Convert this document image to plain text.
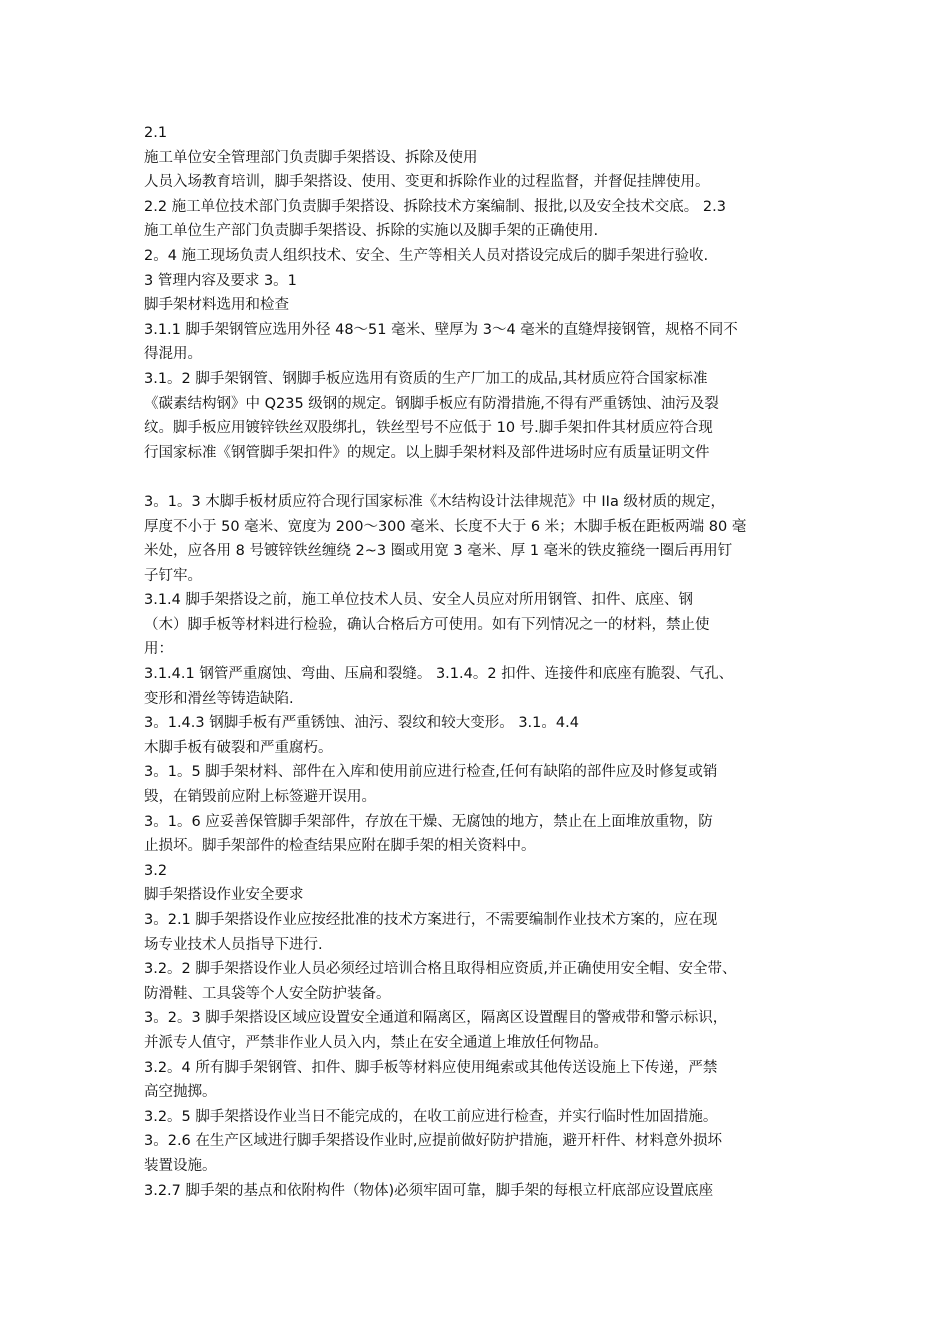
2.1
施工单位安全管理部门负责脚手架搭设、拆除及使用
人员入场教育培训，脚手架搭设、使用、变更和拆除作业的过程监督，并督促挂牌使用。
2.2 施工单位技术部门负责脚手架搭设、拆除技术方案编制、报批,以及安全技术交底。 2.3
施工单位生产部门负责脚手架搭设、拆除的实施以及脚手架的正确使用.
2。4 施工现场负责人组织技术、安全、生产等相关人员对搭设完成后的脚手架进行验收.
3 管理内容及要求 3。1
脚手架材料选用和检查
3.1.1 脚手架钢管应选用外径 48～51 毫米、壁厚为 3～4 毫米的直缝焊接钢管，规格不同不
得混用。
3.1。2 脚手架钢管、钢脚手板应选用有资质的生产厂加工的成品,其材质应符合国家标准
《碳素结构钢》中 Q235 级钢的规定。钢脚手板应有防滑措施,不得有严重锈蚀、油污及裂
纹。脚手板应用镀锌铁丝双股绑扎，铁丝型号不应低于 10 号.脚手架扣件其材质应符合现
行国家标准《钢管脚手架扣件》的规定。以上脚手架材料及部件进场时应有质量证明文件
3。1。3 木脚手板材质应符合现行国家标准《木结构设计法律规范》中 IIa 级材质的规定，
厚度不小于 50 毫米、宽度为 200～300 毫米、长度不大于 6 米；木脚手板在距板两端 80 毫
米处，应各用 8 号镀锌铁丝缠绕 2~3 圈或用宽 3 毫米、厚 1 毫米的铁皮箍绕一圈后再用钉
子钉牢。
3.1.4 脚手架搭设之前，施工单位技术人员、安全人员应对所用钢管、扣件、底座、钢
（木）脚手板等材料进行检验，确认合格后方可使用。如有下列情况之一的材料，禁止使
用：
3.1.4.1 钢管严重腐蚀、弯曲、压扁和裂缝。 3.1.4。2 扣件、连接件和底座有脆裂、气孔、
变形和滑丝等铸造缺陷.
3。1.4.3 钢脚手板有严重锈蚀、油污、裂纹和较大变形。 3.1。4.4
木脚手板有破裂和严重腐朽。
3。1。5 脚手架材料、部件在入库和使用前应进行检查,任何有缺陷的部件应及时修复或销
毁，在销毁前应附上标签避开误用。
3。1。6 应妥善保管脚手架部件，存放在干燥、无腐蚀的地方，禁止在上面堆放重物，防
止损坏。脚手架部件的检查结果应附在脚手架的相关资料中。
3.2
脚手架搭设作业安全要求
3。2.1 脚手架搭设作业应按经批准的技术方案进行，不需要编制作业技术方案的，应在现
场专业技术人员指导下进行.
3.2。2 脚手架搭设作业人员必须经过培训合格且取得相应资质,并正确使用安全帽、安全带、
防滑鞋、工具袋等个人安全防护装备。
3。2。3 脚手架搭设区域应设置安全通道和隔离区，隔离区设置醒目的警戒带和警示标识，
并派专人值守，严禁非作业人员入内，禁止在安全通道上堆放任何物品。
3.2。4 所有脚手架钢管、扣件、脚手板等材料应使用绳索或其他传送设施上下传递，严禁
高空抛掷。
3.2。5 脚手架搭设作业当日不能完成的，在收工前应进行检查，并实行临时性加固措施。
3。2.6 在生产区域进行脚手架搭设作业时,应提前做好防护措施，避开杆件、材料意外损坏
装置设施。
3.2.7 脚手架的基点和依附构件（物体)必须牢固可靠，脚手架的每根立杆底部应设置底座
